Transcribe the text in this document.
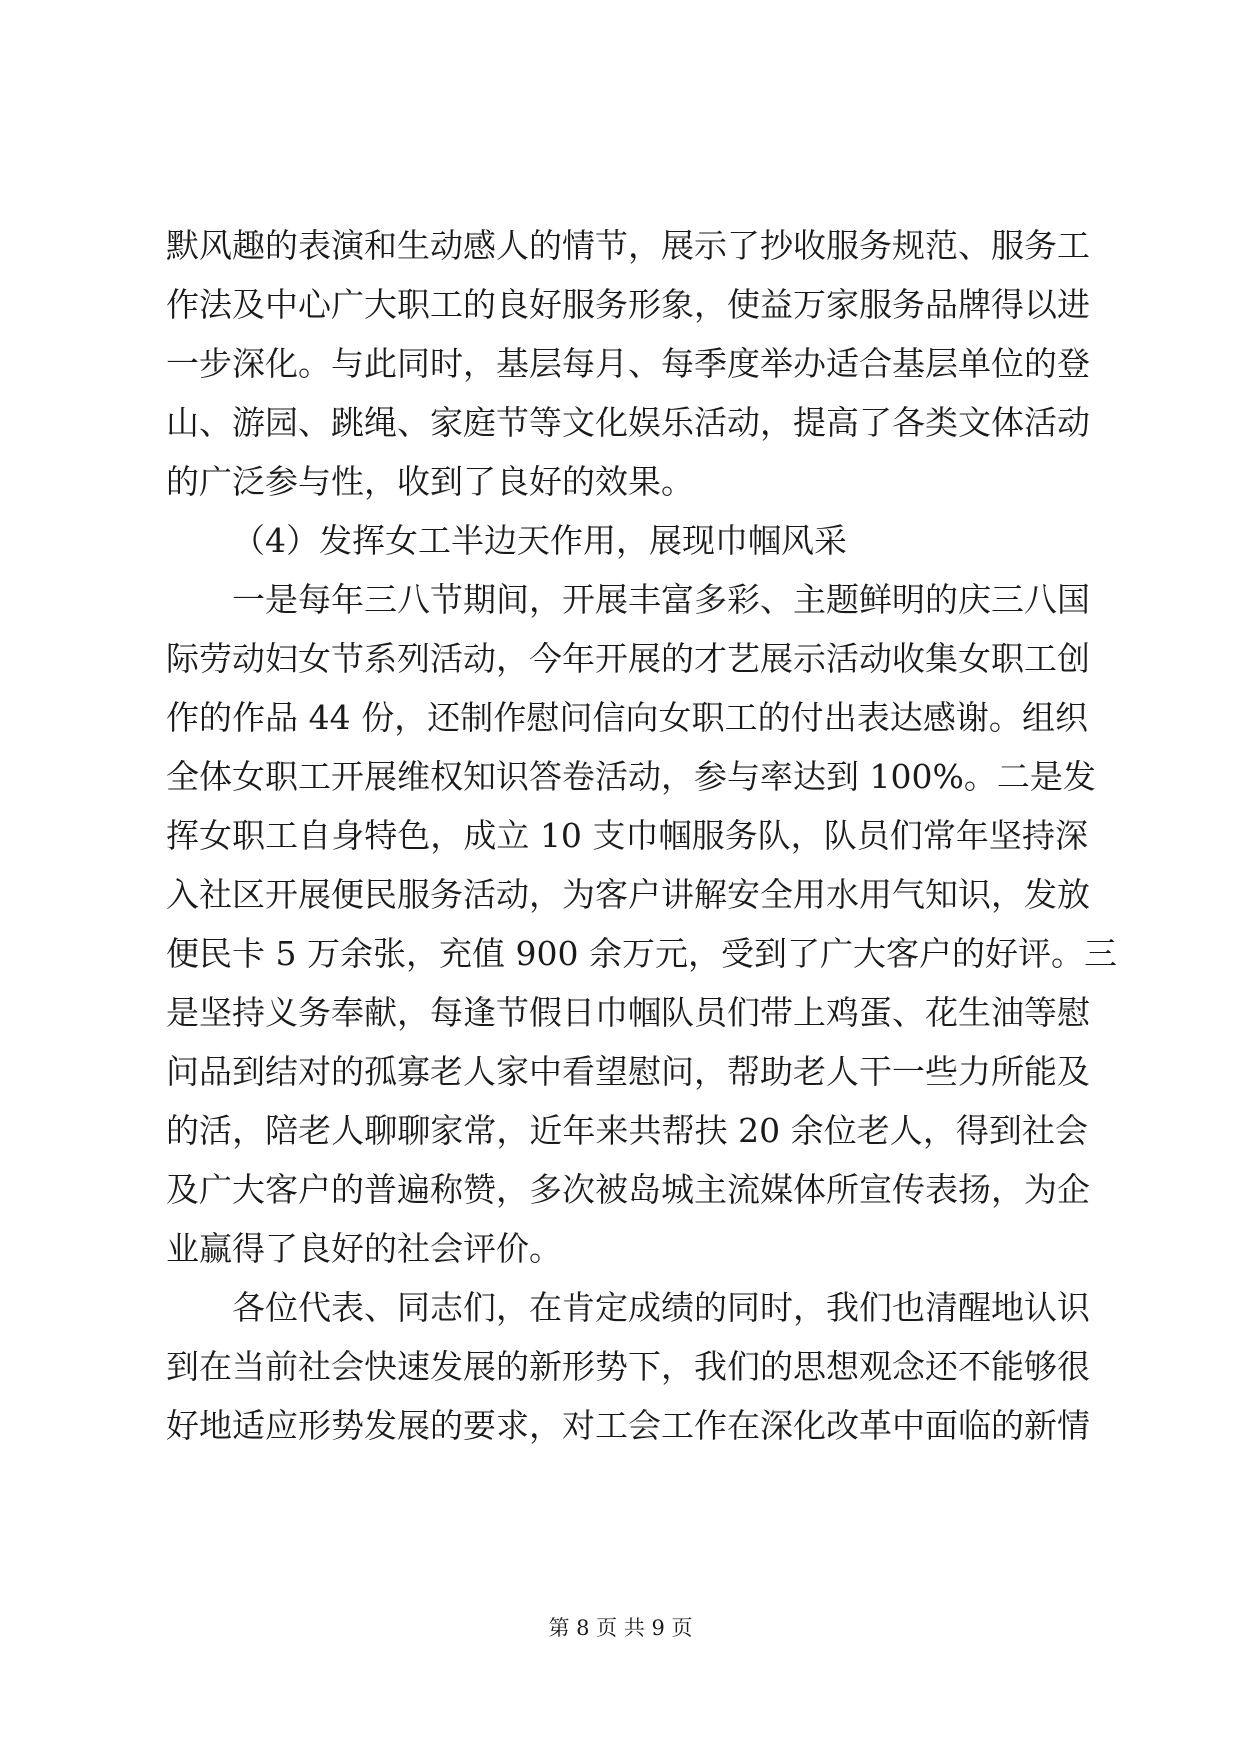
默风趣的表演和生动感人的情节，展示了抄收服务规范、服务工
作法及中心广大职工的良好服务形象，使益万家服务品牌得以进
一步深化。与此同时，基层每月、每季度举办适合基层单位的登
山、游园、跳绳、家庭节等文化娱乐活动，提高了各类文体活动
的广泛参与性，收到了良好的效果。
（4）发挥女工半边天作用，展现巾帼风采
一是每年三八节期间，开展丰富多彩、主题鲜明的庆三八国
际劳动妇女节系列活动，今年开展的才艺展示活动收集女职工创
作的作品 44 份，还制作慰问信向女职工的付出表达感谢。组织
全体女职工开展维权知识答卷活动，参与率达到 100%。二是发
挥女职工自身特色，成立 10 支巾帼服务队，队员们常年坚持深
入社区开展便民服务活动，为客户讲解安全用水用气知识，发放
便民卡 5 万余张，充值 900 余万元，受到了广大客户的好评。三
是坚持义务奉献，每逢节假日巾帼队员们带上鸡蛋、花生油等慰
问品到结对的孤寡老人家中看望慰问，帮助老人干一些力所能及
的活，陪老人聊聊家常，近年来共帮扶 20 余位老人，得到社会
及广大客户的普遍称赞，多次被岛城主流媒体所宣传表扬，为企
业赢得了良好的社会评价。
各位代表、同志们，在肯定成绩的同时，我们也清醒地认识
到在当前社会快速发展的新形势下，我们的思想观念还不能够很
好地适应形势发展的要求，对工会工作在深化改革中面临的新情
第 8 页 共 9 页
